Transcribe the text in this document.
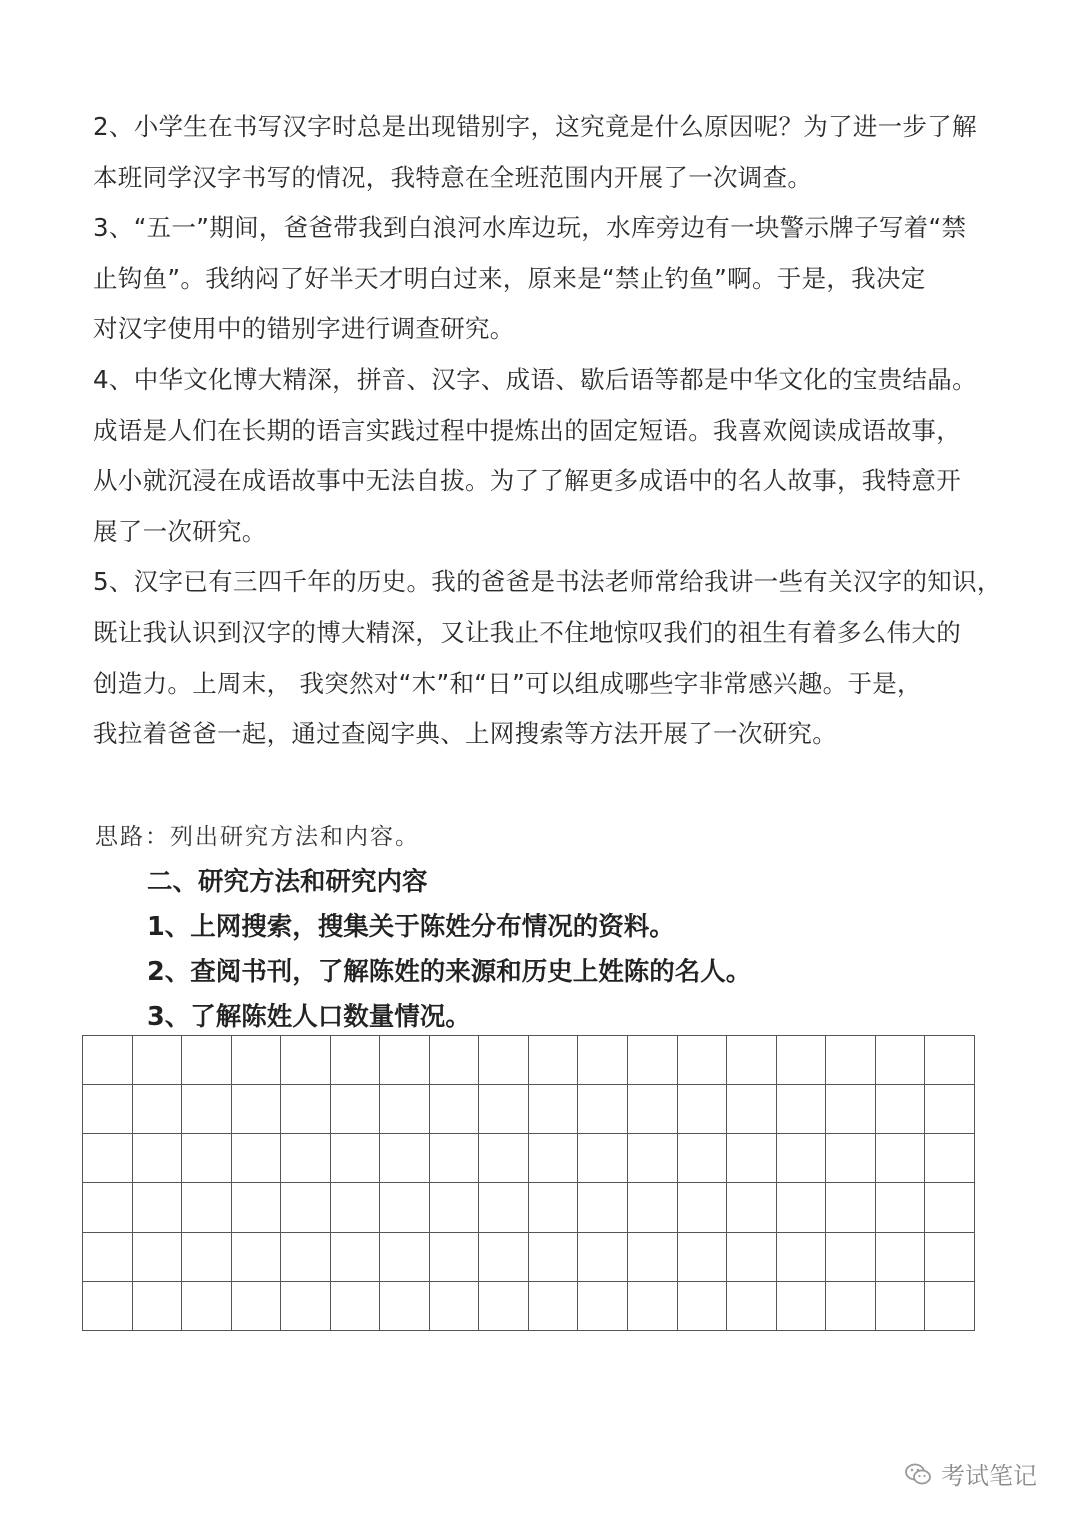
2、小学生在书写汉字时总是出现错别字，这究竟是什么原因呢？为了进一步了解
本班同学汉字书写的情况，我特意在全班范围内开展了一次调查。

3、“五一”期间，爸爸带我到白浪河水库边玩，水库旁边有一块警示牌子写着“禁
止钩鱼”。我纳闷了好半天才明白过来，原来是“禁止钓鱼”啊。于是，我决定
对汉字使用中的错别字进行调查研究。

4、中华文化博大精深，拼音、汉字、成语、歇后语等都是中华文化的宝贵结晶。
成语是人们在长期的语言实践过程中提炼出的固定短语。我喜欢阅读成语故事，
从小就沉浸在成语故事中无法自拔。为了了解更多成语中的名人故事，我特意开
展了一次研究。

5、汉字已有三四千年的历史。我的爸爸是书法老师常给我讲一些有关汉字的知识，
既让我认识到汉字的博大精深，又让我止不住地惊叹我们的祖生有着多么伟大的
创造力。上周末， 我突然对“木”和“日”可以组成哪些字非常感兴趣。于是，
我拉着爸爸一起，通过查阅字典、上网搜索等方法开展了一次研究。

思路：列出研究方法和内容。
二、研究方法和研究内容
1、上网搜索，搜集关于陈姓分布情况的资料。
2、查阅书刊，了解陈姓的来源和历史上姓陈的名人。
3、了解陈姓人口数量情况。

考试笔记
